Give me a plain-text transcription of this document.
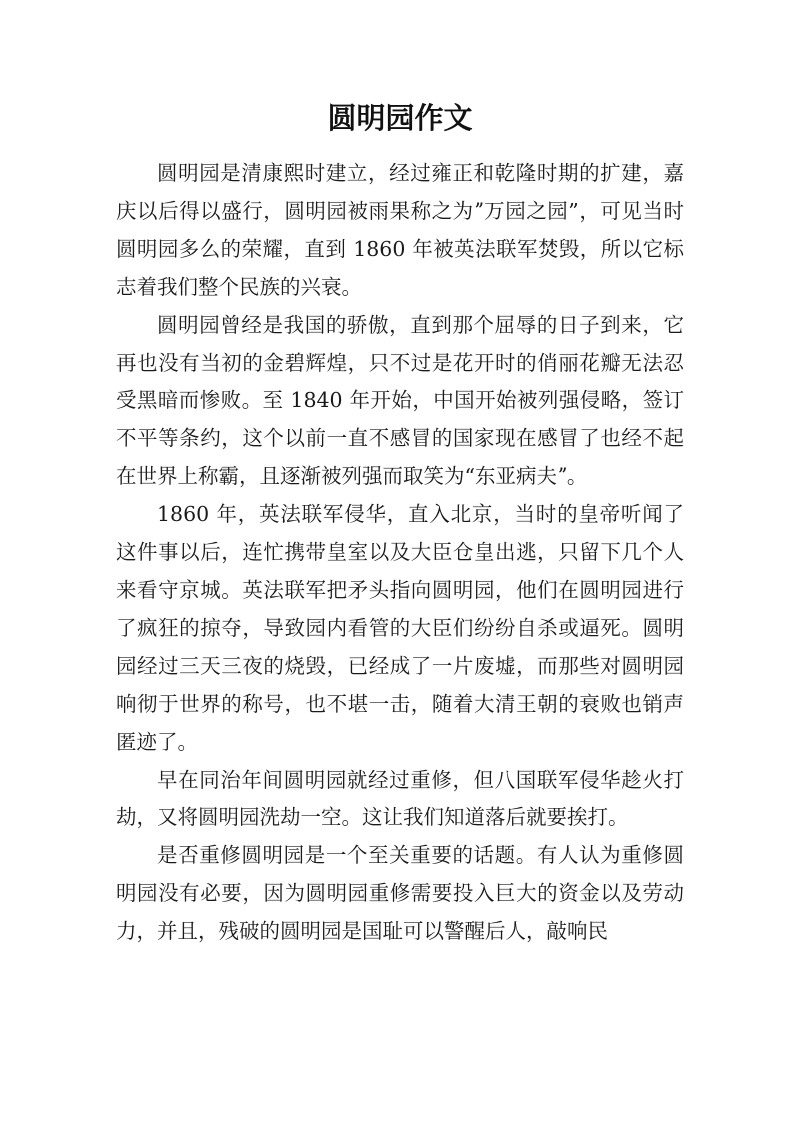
圆明园作文

圆明园是清康熙时建立，经过雍正和乾隆时期的扩建，嘉庆以后得以盛行，圆明园被雨果称之为ˮ万园之园”，可见当时圆明园多么的荣耀，直到 1860 年被英法联军焚毁，所以它标志着我们整个民族的兴衰。

圆明园曾经是我国的骄傲，直到那个屈辱的日子到来，它再也没有当初的金碧辉煌，只不过是花开时的俏丽花瓣无法忍受黑暗而惨败。至 1840 年开始，中国开始被列强侵略，签订不平等条约，这个以前一直不感冒的国家现在感冒了也经不起在世界上称霸，且逐渐被列强而取笑为“东亚病夫ˮ。

1860 年，英法联军侵华，直入北京，当时的皇帝听闻了这件事以后，连忙携带皇室以及大臣仓皇出逃，只留下几个人来看守京城。英法联军把矛头指向圆明园，他们在圆明园进行了疯狂的掠夺，导致园内看管的大臣们纷纷自杀或逼死。圆明园经过三天三夜的烧毁，已经成了一片废墟，而那些对圆明园响彻于世界的称号，也不堪一击，随着大清王朝的衰败也销声匿迹了。

早在同治年间圆明园就经过重修，但八国联军侵华趁火打劫，又将圆明园洗劫一空。这让我们知道落后就要挨打。

是否重修圆明园是一个至关重要的话题。有人认为重修圆明园没有必要，因为圆明园重修需要投入巨大的资金以及劳动力，并且，残破的圆明园是国耻可以警醒后人，敲响民
